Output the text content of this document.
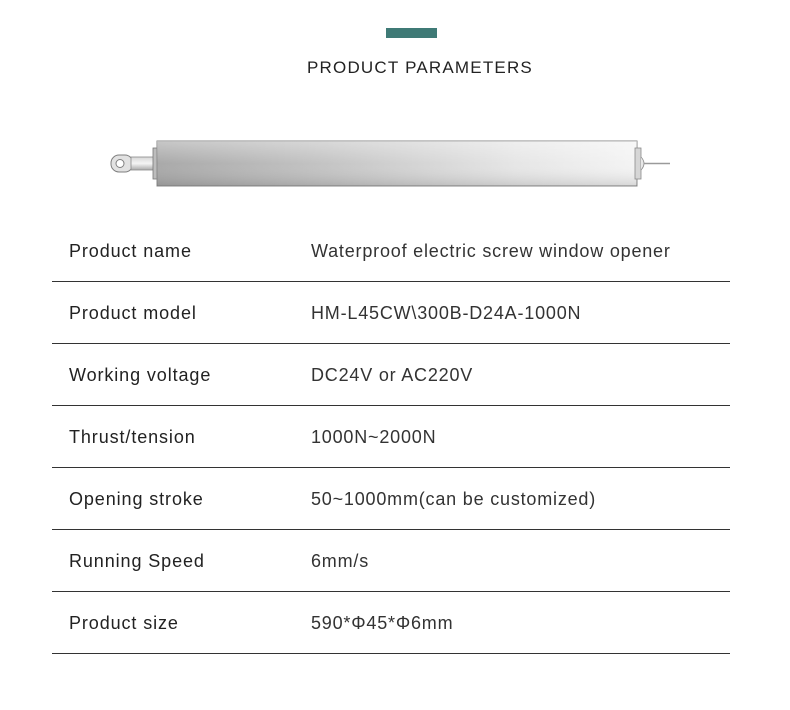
PRODUCT PARAMETERS
Product name	Waterproof electric screw window opener
Product model	HM-L45CW\300B-D24A-1000N
Working voltage	DC24V or AC220V
Thrust/tension	1000N~2000N
Opening stroke	50~1000mm(can be customized)
Running Speed	6mm/s
Product size	590*Φ45*Φ6mm
